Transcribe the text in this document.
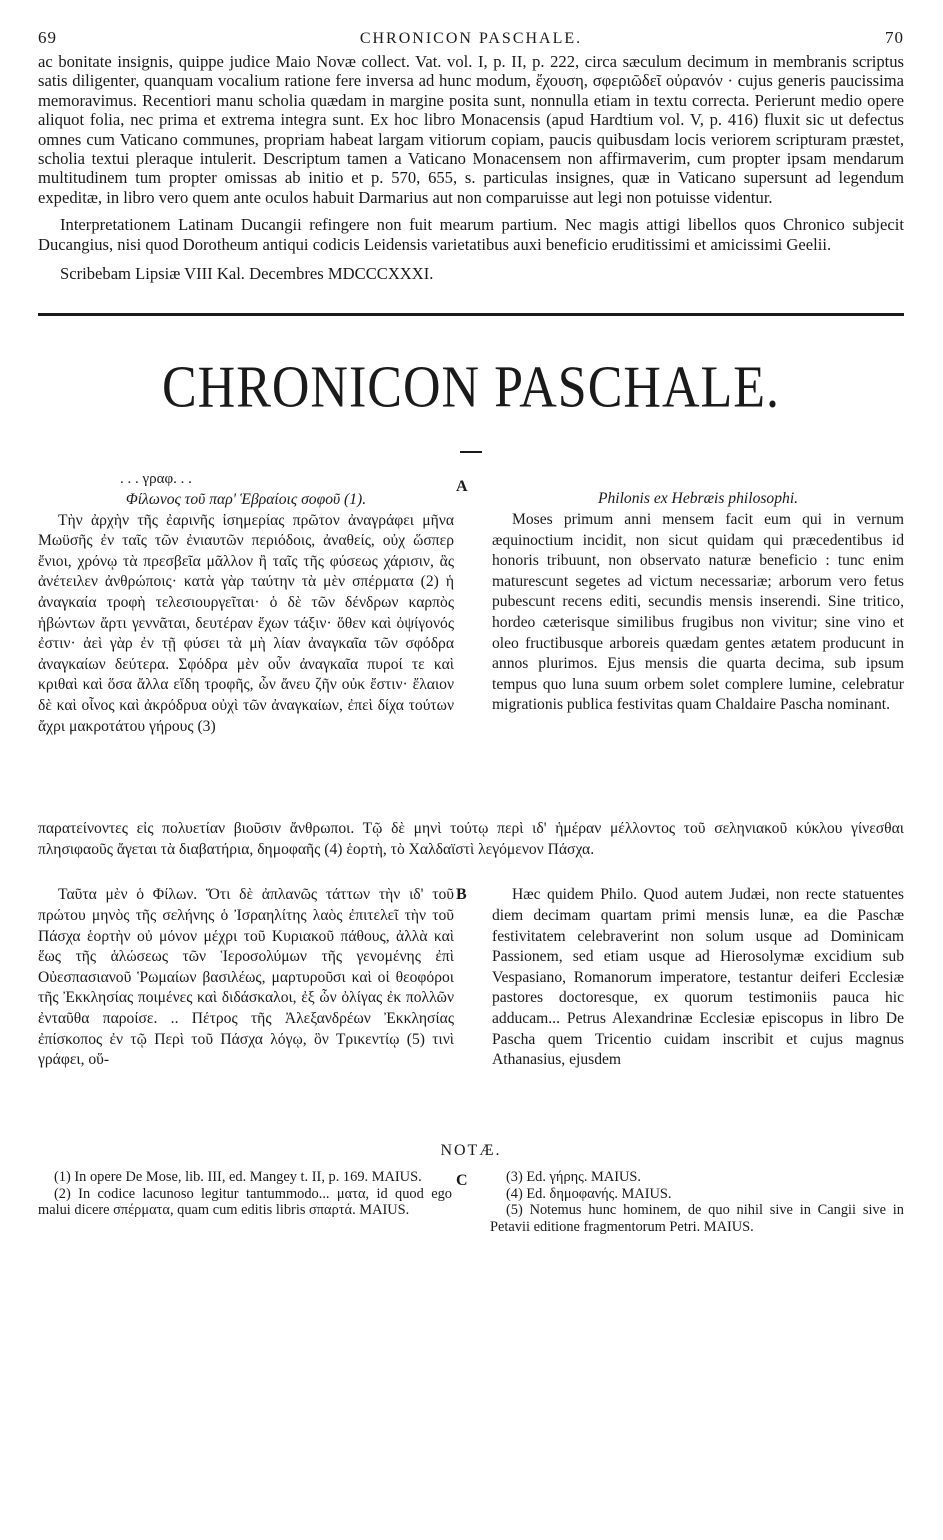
69	CHRONICON PASCHALE.	70

ac bonitate insignis, quippe judice Maio Novæ collect. Vat. vol. I, p. II, p. 222, circa sæculum decimum in membranis scriptus satis diligenter, quanquam vocalium ratione fere inversa ad hunc modum, ἔχουση, σφεριῶδεῖ οὐρανόν · cujus generis paucissima memoravimus. Recentiori manu scholia quædam in margine posita sunt, nonnulla etiam in textu correcta. Perierunt medio opere aliquot folia, nec prima et extrema integra sunt. Ex hoc libro Monacensis (apud Hardtium vol. V, p. 416) fluxit sic ut defectus omnes cum Vaticano communes, propriam habeat largam vitiorum copiam, paucis quibusdam locis veriorem scripturam præstet, scholia textui pleraque intulerit. Descriptum tamen a Vaticano Monacensem non affirmaverim, cum propter ipsam mendarum multitudinem tum propter omissas ab initio et p. 570, 655, s. particulas insignes, quæ in Vaticano supersunt ad legendum expeditæ, in libro vero quem ante oculos habuit Darmarius aut non comparuisse aut legi non potuisse videntur.

Interpretationem Latinam Ducangii refingere non fuit mearum partium. Nec magis attigi libellos quos Chronico subjecit Ducangius, nisi quod Dorotheum antiqui codicis Leidensis varietatibus auxi beneficio eruditissimi et amicissimi Geelii.

Scribebam Lipsiæ VIII Kal. Decembres MDCCCXXXI.

CHRONICON PASCHALE.
A
. . . γραφ. . .
Φίλωνος τοῦ παρ' Ἑβραίοις σοφοῦ (1).

Τὴν ἀρχὴν τῆς ἐαρινῆς ἰσημερίας πρῶτον ἀναγράφει μῆνα Μωϋσῆς ἐν ταῖς τῶν ἐνιαυτῶν περιόδοις, ἀναθείς, οὐχ ὥσπερ ἔνιοι, χρόνῳ τὰ πρεσβεῖα μᾶλλον ἢ ταῖς τῆς φύσεως χάρισιν, ἃς ἀνέτειλεν ἀνθρώποις· κατὰ γὰρ ταύτην τὰ μὲν σπέρματα (2) ἡ ἀναγκαία τροφὴ τελεσιουργεῖται· ὁ δὲ τῶν δένδρων καρπὸς ἡβώντων ἄρτι γεννᾶται, δευτέραν ἔχων τάξιν· ὅθεν καὶ ὀψίγονός ἐστιν· ἀεὶ γὰρ ἐν τῇ φύσει τὰ μὴ λίαν ἀναγκαῖα τῶν σφόδρα ἀναγκαίων δεύτερα. Σφόδρα μὲν οὖν ἀναγκαῖα πυροί τε καὶ κριθαὶ καὶ ὅσα ἄλλα εἴδη τροφῆς, ὧν ἄνευ ζῆν οὐκ ἔστιν· ἔλαιον δὲ καὶ οἶνος καὶ ἀκρόδρυα οὐχὶ τῶν ἀναγκαίων, ἐπεὶ δίχα τούτων ἄχρι μακροτάτου γήρους (3)

Philonis ex Hebræis philosophi.

Moses primum anni mensem facit eum qui in vernum æquinoctium incidit, non sicut quidam qui præcedentibus id honoris tribuunt, non observato naturæ beneficio : tunc enim maturescunt segetes ad victum necessariæ; arborum vero fetus pubescunt recens editi, secundis mensis inserendi. Sine tritico, hordeo cæterisque similibus frugibus non vivitur; sine vino et oleo fructibusque arboreis quædam gentes ætatem producunt in annos plurimos. Ejus mensis die quarta decima, sub ipsum tempus quo luna suum orbem solet complere lumine, celebratur migrationis publica festivitas quam Chaldaire Pascha nominant.

παρατείνοντες εἰς πολυετίαν βιοῦσιν ἄνθρωποι. Τῷ δὲ μηνὶ τούτῳ περὶ ιδ' ἡμέραν μέλλοντος τοῦ σεληνιακοῦ κύκλου γίνεσθαι πλησιφαοῦς ἄγεται τὰ διαβατήρια, δημοφαῆς (4) ἑορτὴ, τὸ Χαλδαϊστὶ λεγόμενον Πάσχα.

B

Ταῦτα μὲν ὁ Φίλων. Ὅτι δὲ ἀπλανῶς τάττων τὴν ιδ' τοῦ πρώτου μηνὸς τῆς σελήνης ὁ Ἰσραηλίτης λαὸς ἐπιτελεῖ τὴν τοῦ Πάσχα ἑορτὴν οὐ μόνον μέχρι τοῦ Κυριακοῦ πάθους, ἀλλὰ καὶ ἕως τῆς ἁλώσεως τῶν Ἱεροσολύμων τῆς γενομένης ἐπὶ Οὐεσπασιανοῦ Ῥωμαίων βασιλέως, μαρτυροῦσι καὶ οἱ θεοφόροι τῆς Ἐκκλησίας ποιμένες καὶ διδάσκαλοι, ἐξ ὧν ὀλίγας ἐκ πολλῶν ἐνταῦθα παροίσε. .. Πέτρος τῆς Ἀλεξανδρέων Ἐκκλησίας ἐπίσκοπος ἐν τῷ Περὶ τοῦ Πάσχα λόγῳ, ὃν Τρικεντίῳ (5) τινὶ γράφει, οὕ-

Hæc quidem Philo. Quod autem Judæi, non recte statuentes diem decimam quartam primi mensis lunæ, ea die Paschæ festivitatem celebraverint non solum usque ad Dominicam Passionem, sed etiam usque ad Hierosolymæ excidium sub Vespasiano, Romanorum imperatore, testantur deiferi Ecclesiæ pastores doctoresque, ex quorum testimoniis pauca hic adducam... Petrus Alexandrinæ Ecclesiæ episcopus in libro De Pascha quem Tricentio cuidam inscribit et cujus magnus Athanasius, ejusdem

NOTÆ.
C

(1) In opere De Mose, lib. III, ed. Mangey t. II, p. 169. MAIUS.

(2) In codice lacunoso legitur tantummodo... ματα, id quod ego malui dicere σπέρματα, quam cum editis libris σπαρτά. MAIUS.

(3) Ed. γήρης. MAIUS.

(4) Ed. δημοφανής. MAIUS.

(5) Notemus hunc hominem, de quo nihil sive in Cangii sive in Petavii editione fragmentorum Petri. MAIUS.
